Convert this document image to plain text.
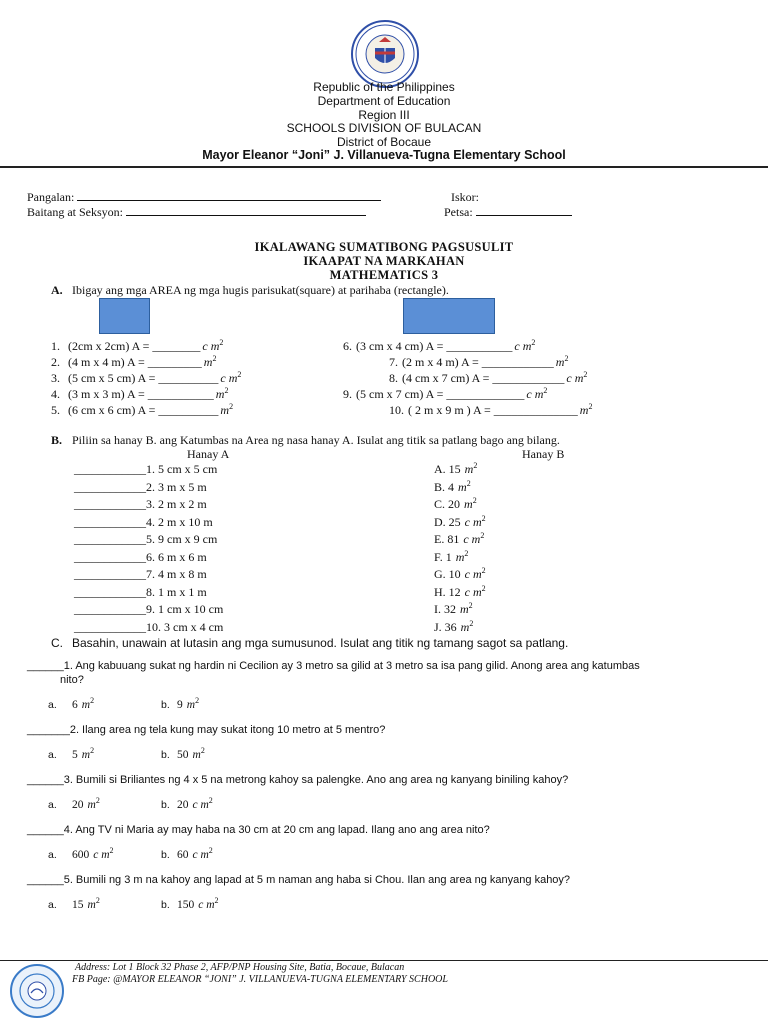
Republic of the Philippines
Department of Education
Region III
SCHOOLS DIVISION OF BULACAN
District of Bocaue
Mayor Eleanor “Joni” J. Villanueva-Tugna Elementary School
Pangalan:
Baitang at Seksyon:
Iskor:
Petsa:
IKALAWANG SUMATIBONG PAGSUSULIT
IKAAPAT NA MARKAHAN
MATHEMATICS 3
A. Ibigay ang mga AREA ng mga hugis parisukat(square) at parihaba (rectangle).
1. (2cm x 2cm) A = ________ c $m^2$
2. (4 m x 4 m) A = _________ $m^2$
3. (5 cm x 5 cm) A = __________ c $m^2$
4. (3 m x 3 m) A = ___________ $m^2$
5. (6 cm x 6 cm) A = __________ $m^2$
6. (3 cm x 4 cm) A = ___________ c $m^2$
7. (2 m x 4 m) A = ____________ $m^2$
8. (4 cm x 7 cm) A = ____________ c $m^2$
9. (5 cm x 7 cm) A = _____________ c $m^2$
10. ( 2 m x 9 m ) A = ______________ $m^2$
B. Piliin sa hanay B. ang Katumbas na Area ng nasa hanay A. Isulat ang titik sa patlang bago ang bilang.
Hanay A	Hanay B
____________1. 5 cm x 5 cm
____________2. 3 m x 5 m
____________3. 2 m x 2 m
____________4. 2 m x 10 m
____________5. 9 cm x 9 cm
____________6. 6 m x 6 m
____________7. 4 m x 8 m
____________8. 1 m x 1 m
____________9. 1 cm x 10 cm
____________10. 3 cm x 4 cm
A. 15 $m^2$
B. 4 $m^2$
C. 20 $m^2$
D. 25 c $m^2$
E. 81 c $m^2$
F. 1 $m^2$
G. 10 c $m^2$
H. 12 c $m^2$
I. 32 $m^2$
J. 36 $m^2$
C. Basahin, unawain at lutasin ang mga sumusunod. Isulat ang titik ng tamang sagot sa patlang.
______1. Ang kabuuang sukat ng hardin ni Cecilion ay 3 metro sa gilid at 3 metro sa isa pang gilid. Anong area ang katumbas
nito?
a. 6 $m^2$	b. 9 $m^2$
_______2. Ilang area ng tela kung may sukat itong 10 metro at 5 mentro?
a. 5 $m^2$	b. 50 $m^2$
______3. Bumili si Briliantes ng 4 x 5 na metrong kahoy sa palengke. Ano ang area ng kanyang biniling kahoy?
a. 20 $m^2$	b. 20 c $m^2$
______4. Ang TV ni Maria ay may haba na 30 cm at 20 cm ang lapad. Ilang ano ang area nito?
a. 600 c $m^2$	b. 60 c $m^2$
______5. Bumili ng 3 m na kahoy ang lapad at 5 m naman ang haba si Chou. Ilan ang area ng kanyang kahoy?
a. 15 $m^2$	b. 150 c $m^2$
Address: Lot 1 Block 32 Phase 2, AFP/PNP Housing Site, Batia, Bocaue, Bulacan
FB Page: @MAYOR ELEANOR “JONI” J. VILLANUEVA-TUGNA ELEMENTARY SCHOOL
